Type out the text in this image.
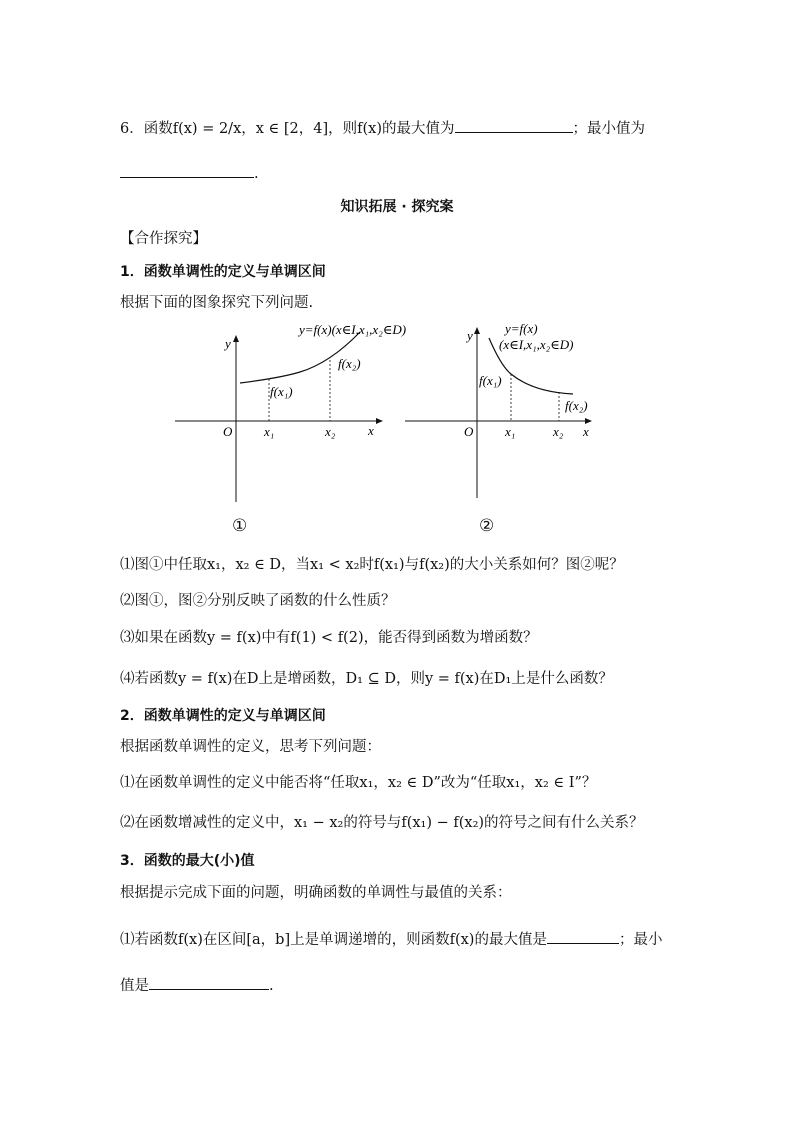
6．函数f(x) = 2/x，x ∈ [2，4]，则f(x)的最大值为	；最小值为
.
知识拓展 · 探究案
【合作探究】
1．函数单调性的定义与单调区间
根据下面的图象探究下列问题.
y=f(x)(x∈I,x₁,x₂∈D)
f(x₂)
f(x₁)
y
x
O x₁	x₂
①
y=f(x)
(x∈I,x₁,x₂∈D)
f(x₁)
f(x₂)
y
x
O x₁	x₂
②
⑴图①中任取x₁，x₂ ∈ D，当x₁ < x₂时f(x₁)与f(x₂)的大小关系如何？图②呢？
⑵图①，图②分别反映了函数的什么性质？
⑶如果在函数y = f(x)中有f(1) < f(2)，能否得到函数为增函数？
⑷若函数y = f(x)在D上是增函数，D₁ ⊆ D，则y = f(x)在D₁上是什么函数？
2．函数单调性的定义与单调区间
根据函数单调性的定义，思考下列问题：
⑴在函数单调性的定义中能否将“任取x₁，x₂ ∈ D”改为“任取x₁，x₂ ∈ I”？
⑵在函数增减性的定义中，x₁ − x₂的符号与f(x₁) − f(x₂)的符号之间有什么关系？
3．函数的最大(小)值
根据提示完成下面的问题，明确函数的单调性与最值的关系：
⑴若函数f(x)在区间[a，b]上是单调递增的，则函数f(x)的最大值是	；最小
值是	.
